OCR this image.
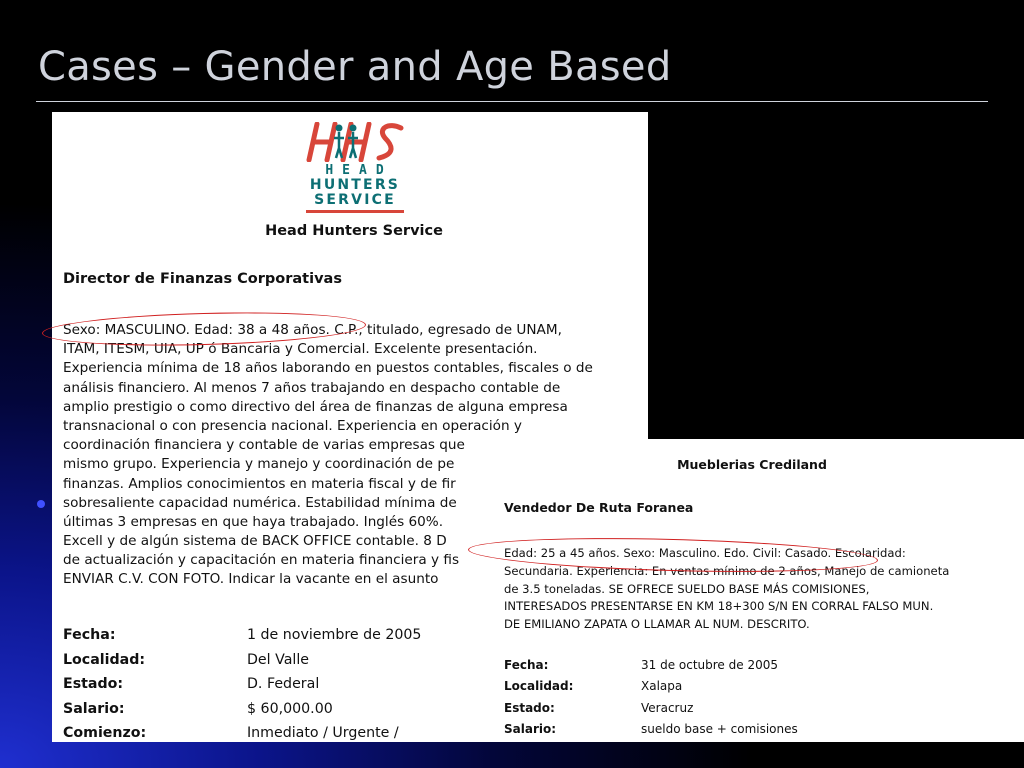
Cases – Gender and Age Based
HEAD
HUNTERS
SERVICE
Head Hunters Service
Director de Finanzas Corporativas
Sexo: MASCULINO. Edad: 38 a 48 años. C.P., titulado, egresado de UNAM,
ITAM, ITESM, UIA, UP ó Bancaria y Comercial. Excelente presentación.
Experiencia mínima de 18 años laborando en puestos contables, fiscales o de
análisis financiero. Al menos 7 años trabajando en despacho contable de
amplio prestigio o como directivo del área de finanzas de alguna empresa
transnacional o con presencia nacional. Experiencia en operación y
coordinación financiera y contable de varias empresas que
mismo grupo. Experiencia y manejo y coordinación de pe
finanzas. Amplios conocimientos en materia fiscal y de fir
sobresaliente capacidad numérica. Estabilidad mínima de
últimas 3 empresas en que haya trabajado. Inglés 60%.
Excell y de algún sistema de BACK OFFICE contable. 8 D
de actualización y capacitación en materia financiera y fis
ENVIAR C.V. CON FOTO. Indicar la vacante en el asunto
Fecha:	1 de noviembre de 2005
Localidad:	Del Valle
Estado:	D. Federal
Salario:	$ 60,000.00
Comienzo:	Inmediato / Urgente /
Mueblerias Crediland
Vendedor De Ruta Foranea
Edad: 25 a 45 años. Sexo: Masculino. Edo. Civil: Casado. Escolaridad:
Secundaria. Experiencia: En ventas mínimo de 2 años, Manejo de camioneta
de 3.5 toneladas. SE OFRECE SUELDO BASE MÁS COMISIONES,
INTERESADOS PRESENTARSE EN KM 18+300 S/N EN CORRAL FALSO MUN.
DE EMILIANO ZAPATA O LLAMAR AL NUM. DESCRITO.
Fecha:	31 de octubre de 2005
Localidad:	Xalapa
Estado:	Veracruz
Salario:	sueldo base + comisiones
